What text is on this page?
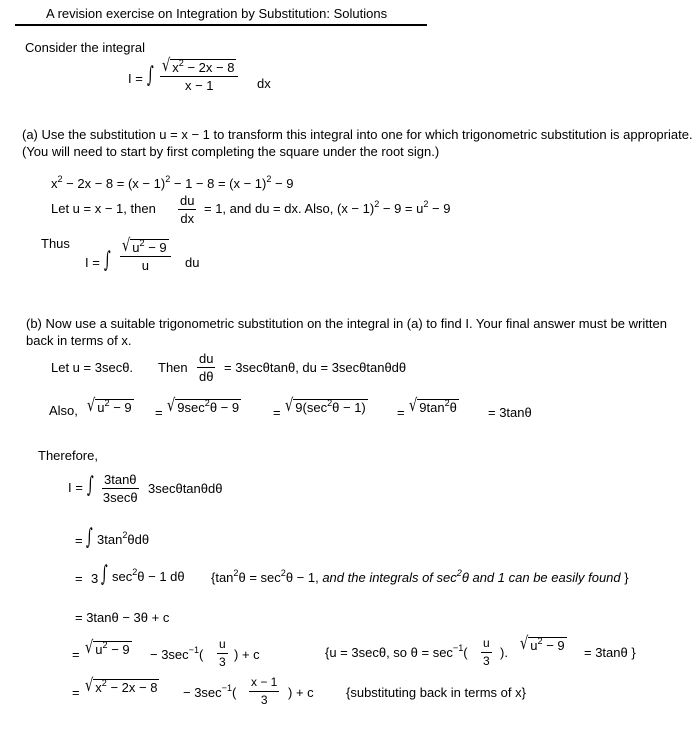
A revision exercise on Integration by Substitution: Solutions
Consider the integral
I = ∫ $\frac{√ x^2 - 2x - 8}{x - 1}$ dx
(a) Use the substitution u = x − 1 to transform this integral into one for which trigonometric substitution is appropriate. (You will need to start by first completing the square under the root sign.)
$x^2 - 2x - 8 = (x - 1)^2 - 1 - 8 = (x - 1)^2 - 9$
Let u = x − 1, then $\frac{du}{dx} = 1$, and du = dx. Also, $(x - 1)^2 - 9 = u^2 - 9$
Thus
I = ∫ $\frac{√ u^2 - 9}{u}$ du
(b) Now use a suitable trigonometric substitution on the integral in (a) to find I. Your final answer must be written back in terms of x.
Let u = 3secθ. Then $\frac{du}{d\theta} = 3\sec\theta\tan\theta$, du = 3secθtanθdθ
Also, √ $u^2 - 9$ = √ $9\sec^2\theta - 9$	= √ $9(\sec^2\theta - 1)$ = √ $9\tan^2\theta = 3\tan\theta$
Therefore,
I = ∫ 3tanθ
3secθ
3secθtanθdθ
= ∫ $3\tan^2\theta d\theta$
= 3 ∫ $\sec^2\theta - 1$ dθ {$\tan^2\theta = \sec^2\theta - 1$, and the integrals of $\sec^2\theta$ and 1 can be easily found }
= 3tanθ − 3θ + c
= √ $u^2 - 9 - 3\sec^{-1}( \frac{u}{3}$ ) + c	{u = 3secθ, so $\theta = \sec^{-1}( \frac{u}{3}$ ). √ $u^2 - 9 = 3\tan\theta$ }
= √ $x^2 - 2x - 8 - 3\sec^{-1}( \frac{x - 1}{3}$ ) + c {substituting back in terms of x}
